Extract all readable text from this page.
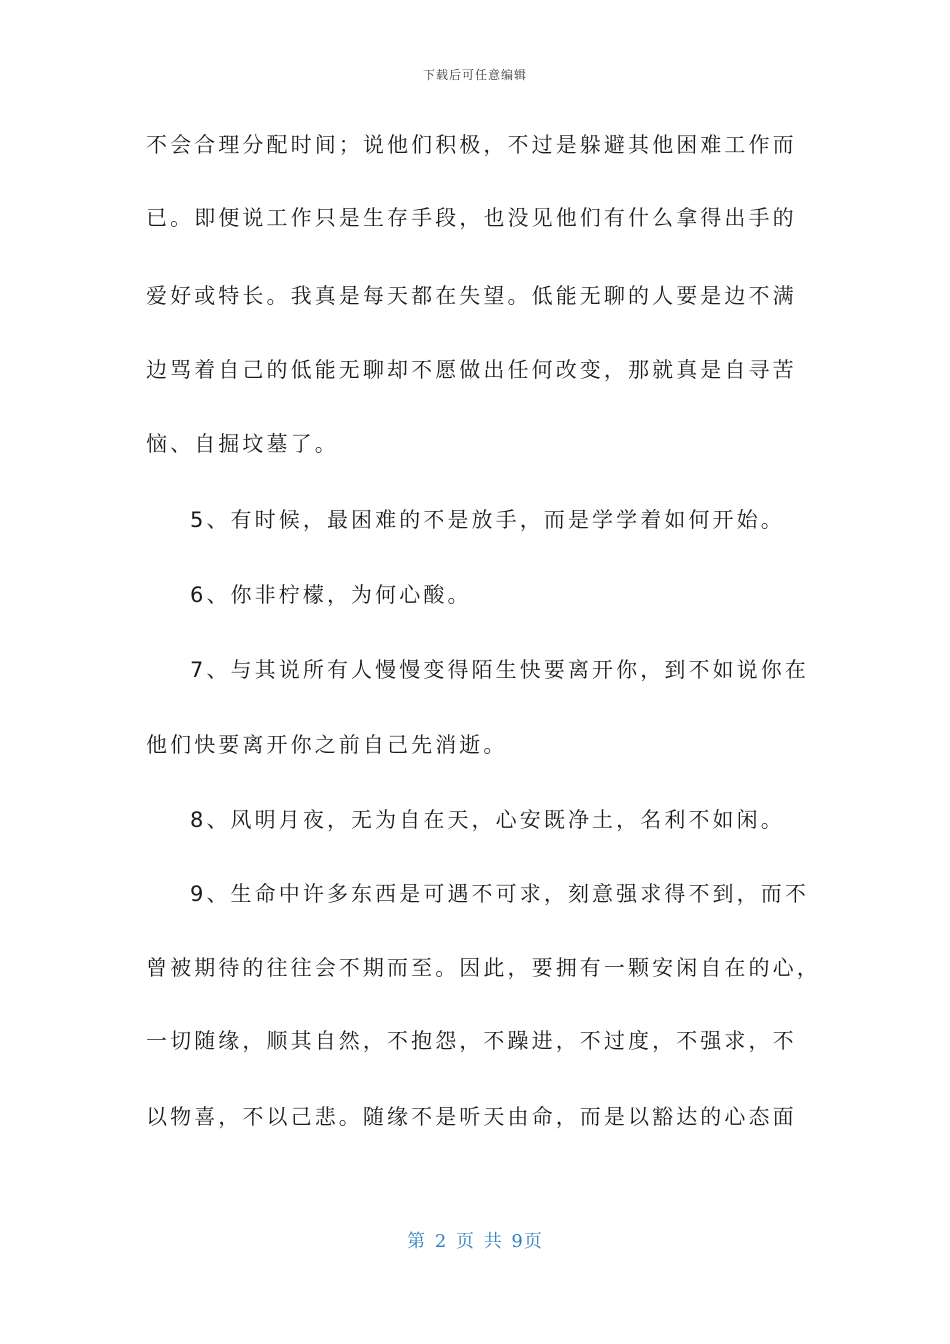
下载后可任意编辑
不会合理分配时间；说他们积极，不过是躲避其他困难工作而
已。即便说工作只是生存手段，也没见他们有什么拿得出手的
爱好或特长。我真是每天都在失望。低能无聊的人要是边不满
边骂着自己的低能无聊却不愿做出任何改变，那就真是自寻苦
恼、自掘坟墓了。
5、有时候，最困难的不是放手，而是学学着如何开始。
6、你非柠檬，为何心酸。
7、与其说所有人慢慢变得陌生快要离开你，到不如说你在
他们快要离开你之前自己先消逝。
8、风明月夜，无为自在天，心安既净土，名利不如闲。
9、生命中许多东西是可遇不可求，刻意强求得不到，而不
曾被期待的往往会不期而至。因此，要拥有一颗安闲自在的心，
一切随缘，顺其自然，不抱怨，不躁进，不过度，不强求，不
以物喜，不以己悲。随缘不是听天由命，而是以豁达的心态面
第 2 页 共 9页
